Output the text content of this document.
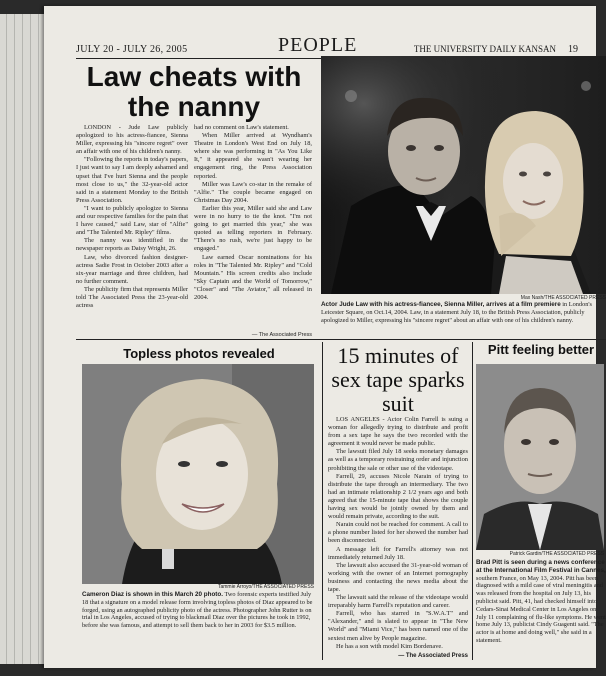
JULY 20 - JULY 26, 2005	PEOPLE	THE UNIVERSITY DAILY KANSAN 19
Law cheats with the nanny

LONDON - Jude Law publicly apologized to his actress-fiancee, Sienna Miller, expressing his "sincere regret" over an affair with one of his children's nanny.

"Following the reports in today's papers, I just want to say I am deeply ashamed and upset that I've hurt Sienna and the people most close to us," the 32-year-old actor said in a statement Monday to the British Press Association.

"I want to publicly apologize to Sienna and our respective families for the pain that I have caused," said Law, star of "Alfie" and "The Talented Mr. Ripley" films.

The nanny was identified in the newspaper reports as Daisy Wright, 26.

Law, who divorced fashion designer-actress Sadie Frost in October 2003 after a six-year marriage and three children, had no further comment.

The publicity firm that represents Miller told The Associated Press the 23-year-old actress

had no comment on Law's statement.

When Miller arrived at Wyndham's Theatre in London's West End on July 18, where she was performing in "As You Like It," it appeared she wasn't wearing her engagement ring, the Press Association reported.

Miller was Law's co-star in the remake of "Alfie." The couple became engaged on Christmas Day 2004.

Earlier this year, Miller said she and Law were in no hurry to tie the knot. "I'm not going to get married this year," she was quoted as telling reporters in February. "There's no rush, we're just happy to be engaged."

Law earned Oscar nominations for his roles in "The Talented Mr. Ripley" and "Cold Mountain." His screen credits also include "Sky Captain and the World of Tomorrow," "Closer" and "The Aviator," all released in 2004.

— The Associated Press
Max Nash/THE ASSOCIATED PRESS

Actor Jude Law with his actress-fiancee, Sienna Miller, arrives at a film premiere in London's Leicester Square, on Oct.14, 2004. Law, in a statement July 18, to the British Press Association, publicly apologized to Miller, expressing his "sincere regret" about an affair with one of his children's nanny.

Topless photos revealed
Tammie Arroyo/THE ASSOCIATED PRESS

Cameron Diaz is shown in this March 20 photo. Two forensic experts testified July 18 that a signature on a model release form involving topless photos of Diaz appeared to be forged, using an autographed publicity photo of the actress. Photographer John Rutter is on trial in Los Angeles, accused of trying to blackmail Diaz over the pictures he took in 1992, before she was famous, and attempt to sell them back to her in 2003 for $3.5 million.

15 minutes of sex tape sparks suit

LOS ANGELES - Actor Colin Farrell is suing a woman for allegedly trying to distribute and profit from a sex tape he says the two recorded with the agreement it would never be made public.

The lawsuit filed July 18 seeks monetary damages as well as a temporary restraining order and injunction prohibiting the sale or other use of the videotape.

Farrell, 29, accuses Nicole Narain of trying to distribute the tape through an intermediary. The two had an intimate relationship 2 1/2 years ago and both agreed that the 15-minute tape that shows the couple having sex would be jointly owned by them and would remain private, according to the suit.

Narain could not be reached for comment. A call to a phone number listed for her showed the number had been disconnected.

A message left for Farrell's attorney was not immediately returned July 18.

The lawsuit also accused the 31-year-old woman of working with the owner of an Internet pornography business and contacting the news media about the tape.

The lawsuit said the release of the videotape would irreparably harm Farrell's reputation and career.

Farrell, who has starred in "S.W.A.T" and "Alexander," and is slated to appear in "The New World" and "Miami Vice," has been named one of the sexiest men alive by People magazine.

He has a son with model Kim Bordenave.

— The Associated Press
Pitt feeling better
Patrick Gardin/THE ASSOCIATED PRESS

Brad Pitt is seen during a news conference at the International Film Festival in Cannes, southern France, on May 13, 2004. Pitt has been diagnosed with a mild case of viral meningitis and was released from the hospital on July 13, his publicist said. Pitt, 41, had checked himself into Cedars-Sinai Medical Center in Los Angeles on July 11 complaining of flu-like symptoms. He went home July 13, publicist Cindy Guagenti said. "The actor is at home and doing well," she said in a statement.
